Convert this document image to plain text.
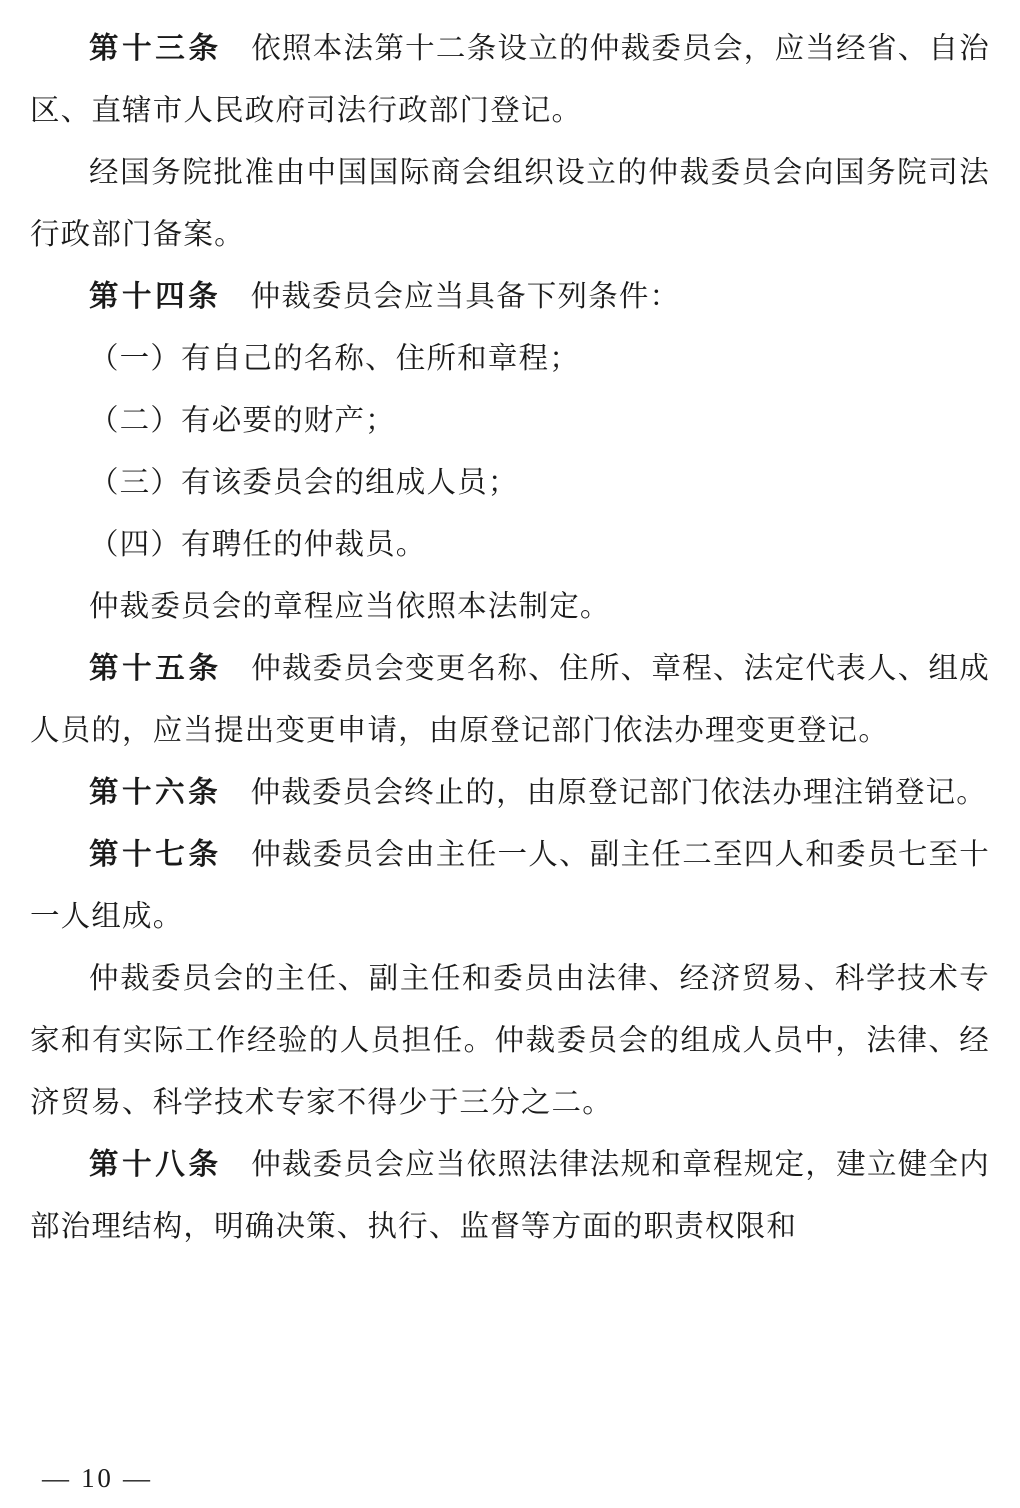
第十三条 依照本法第十二条设立的仲裁委员会，应当经省、自治区、直辖市人民政府司法行政部门登记。

经国务院批准由中国国际商会组织设立的仲裁委员会向国务院司法行政部门备案。

第十四条 仲裁委员会应当具备下列条件：

（一）有自己的名称、住所和章程；

（二）有必要的财产；

（三）有该委员会的组成人员；

（四）有聘任的仲裁员。

仲裁委员会的章程应当依照本法制定。

第十五条 仲裁委员会变更名称、住所、章程、法定代表人、组成人员的，应当提出变更申请，由原登记部门依法办理变更登记。

第十六条 仲裁委员会终止的，由原登记部门依法办理注销登记。

第十七条 仲裁委员会由主任一人、副主任二至四人和委员七至十一人组成。

仲裁委员会的主任、副主任和委员由法律、经济贸易、科学技术专家和有实际工作经验的人员担任。仲裁委员会的组成人员中，法律、经济贸易、科学技术专家不得少于三分之二。

第十八条 仲裁委员会应当依照法律法规和章程规定，建立健全内部治理结构，明确决策、执行、监督等方面的职责权限和

— 10 —
